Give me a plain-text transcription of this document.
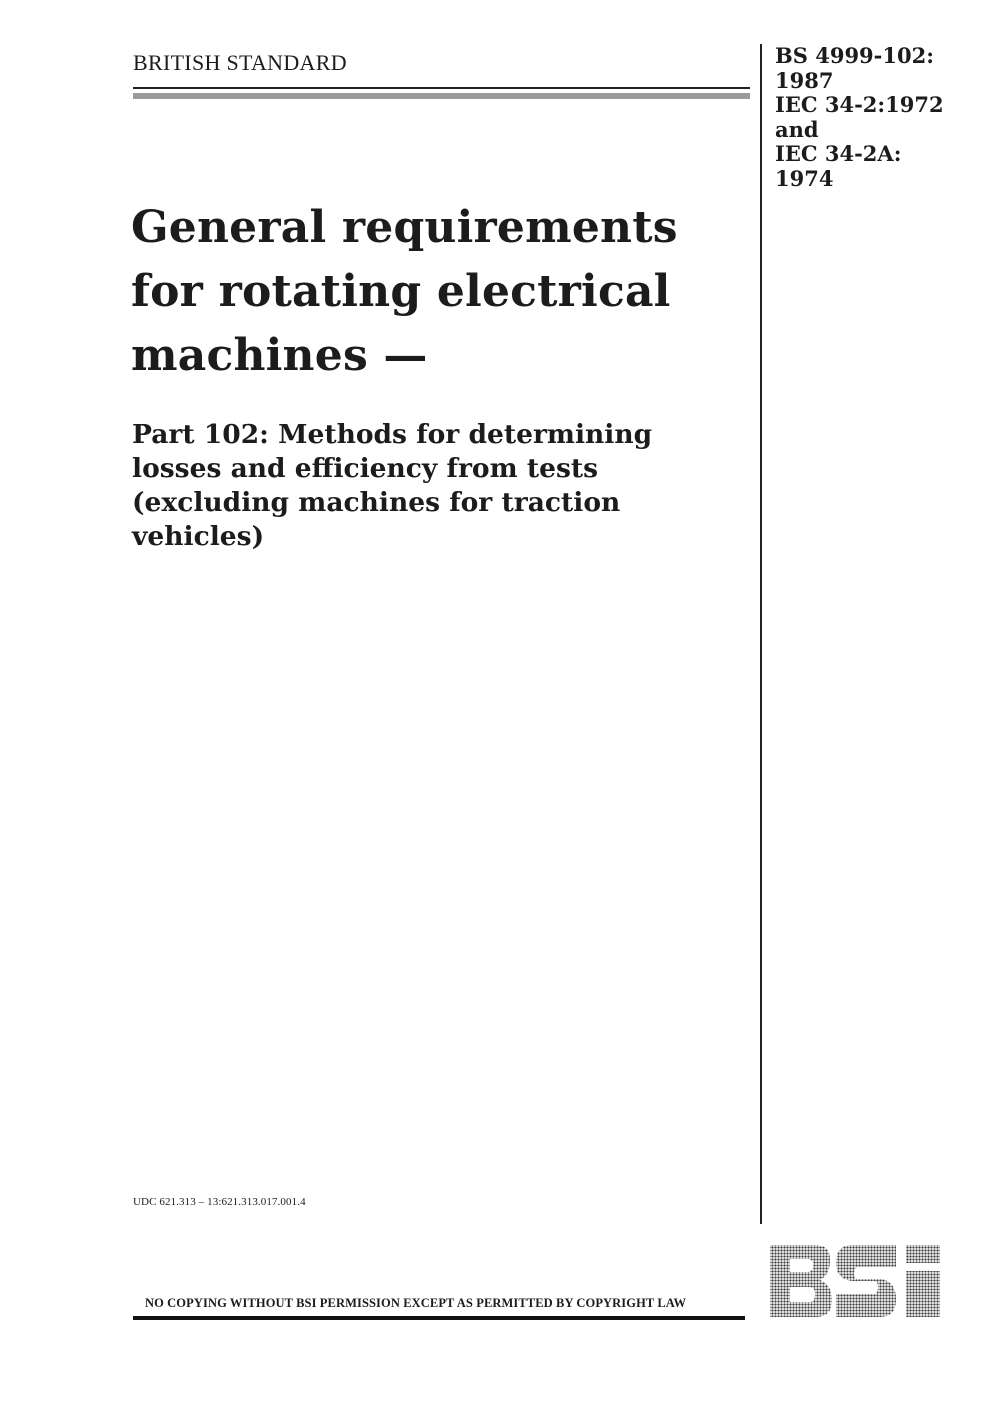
BRITISH STANDARD	BS 4999-102:
1987
IEC 34-2:1972
and
IEC 34-2A:
1974
General requirements
for rotating electrical
machines —
Part 102: Methods for determining
losses and efficiency from tests
(excluding machines for traction
vehicles)
UDC 621.313 – 13:621.313.017.001.4
NO COPYING WITHOUT BSI PERMISSION EXCEPT AS PERMITTED BY COPYRIGHT LAW
